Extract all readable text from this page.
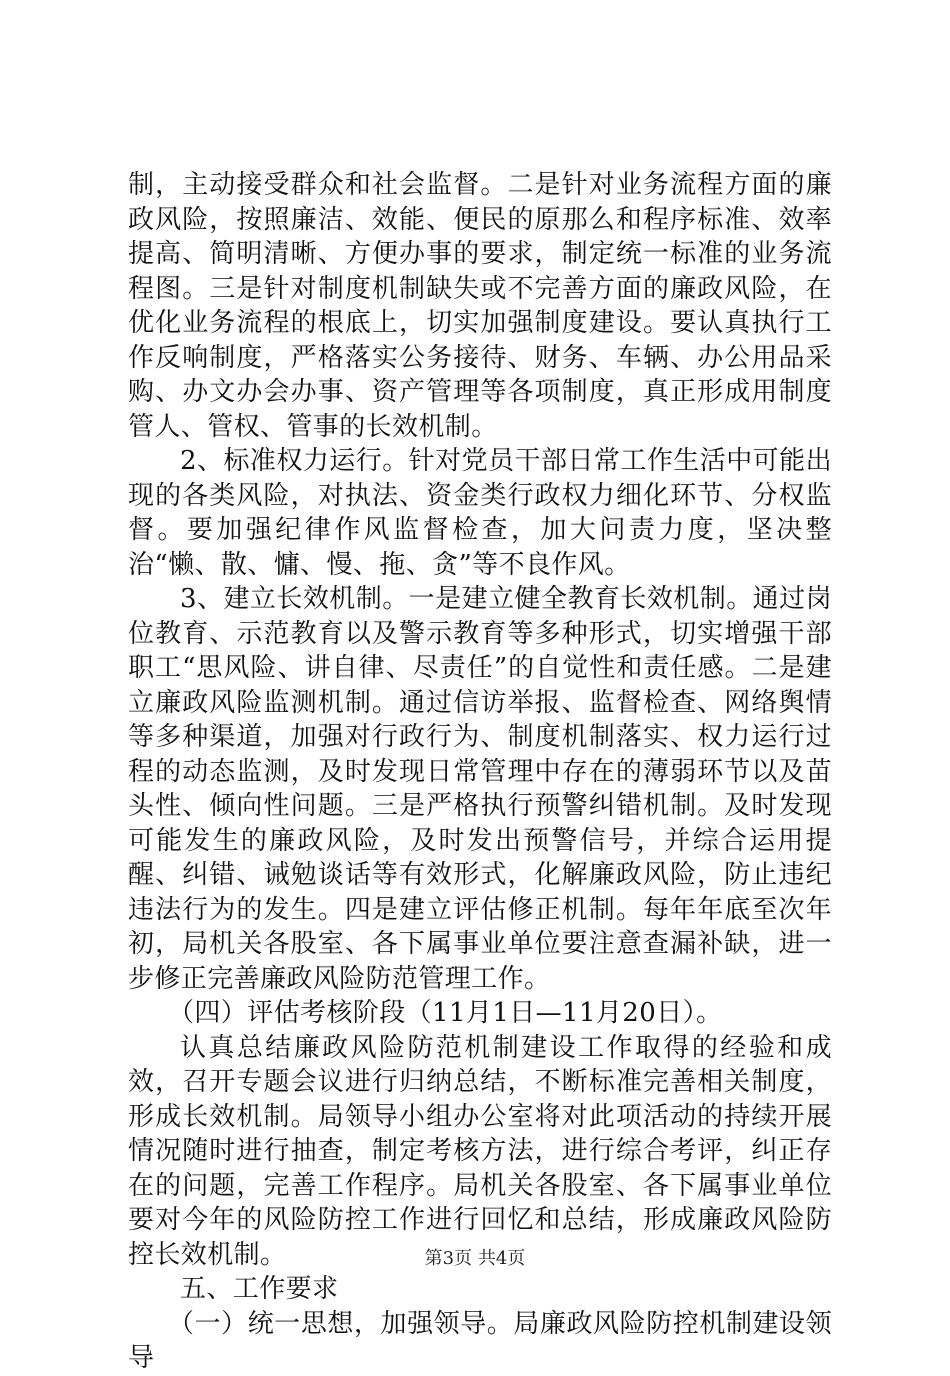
制，主动接受群众和社会监督。二是针对业务流程方面的廉政风险，按照廉洁、效能、便民的原那么和程序标准、效率提高、简明清晰、方便办事的要求，制定统一标准的业务流程图。三是针对制度机制缺失或不完善方面的廉政风险，在优化业务流程的根底上，切实加强制度建设。要认真执行工作反响制度，严格落实公务接待、财务、车辆、办公用品采购、办文办会办事、资产管理等各项制度，真正形成用制度管人、管权、管事的长效机制。

2、标准权力运行。针对党员干部日常工作生活中可能出现的各类风险，对执法、资金类行政权力细化环节、分权监督。要加强纪律作风监督检查，加大问责力度，坚决整治“懒、散、慵、慢、拖、贪”等不良作风。

3、建立长效机制。一是建立健全教育长效机制。通过岗位教育、示范教育以及警示教育等多种形式，切实增强干部职工“思风险、讲自律、尽责任”的自觉性和责任感。二是建立廉政风险监测机制。通过信访举报、监督检查、网络舆情等多种渠道，加强对行政行为、制度机制落实、权力运行过程的动态监测，及时发现日常管理中存在的薄弱环节以及苗头性、倾向性问题。三是严格执行预警纠错机制。及时发现可能发生的廉政风险，及时发出预警信号，并综合运用提醒、纠错、诫勉谈话等有效形式，化解廉政风险，防止违纪违法行为的发生。四是建立评估修正机制。每年年底至次年初，局机关各股室、各下属事业单位要注意查漏补缺，进一步修正完善廉政风险防范管理工作。

（四）评估考核阶段（11月1日—11月20日）。

认真总结廉政风险防范机制建设工作取得的经验和成效，召开专题会议进行归纳总结，不断标准完善相关制度，形成长效机制。局领导小组办公室将对此项活动的持续开展情况随时进行抽查，制定考核方法，进行综合考评，纠正存在的问题，完善工作程序。局机关各股室、各下属事业单位要对今年的风险防控工作进行回忆和总结，形成廉政风险防控长效机制。

五、工作要求

（一）统一思想，加强领导。局廉政风险防控机制建设领导

第3页 共4页
